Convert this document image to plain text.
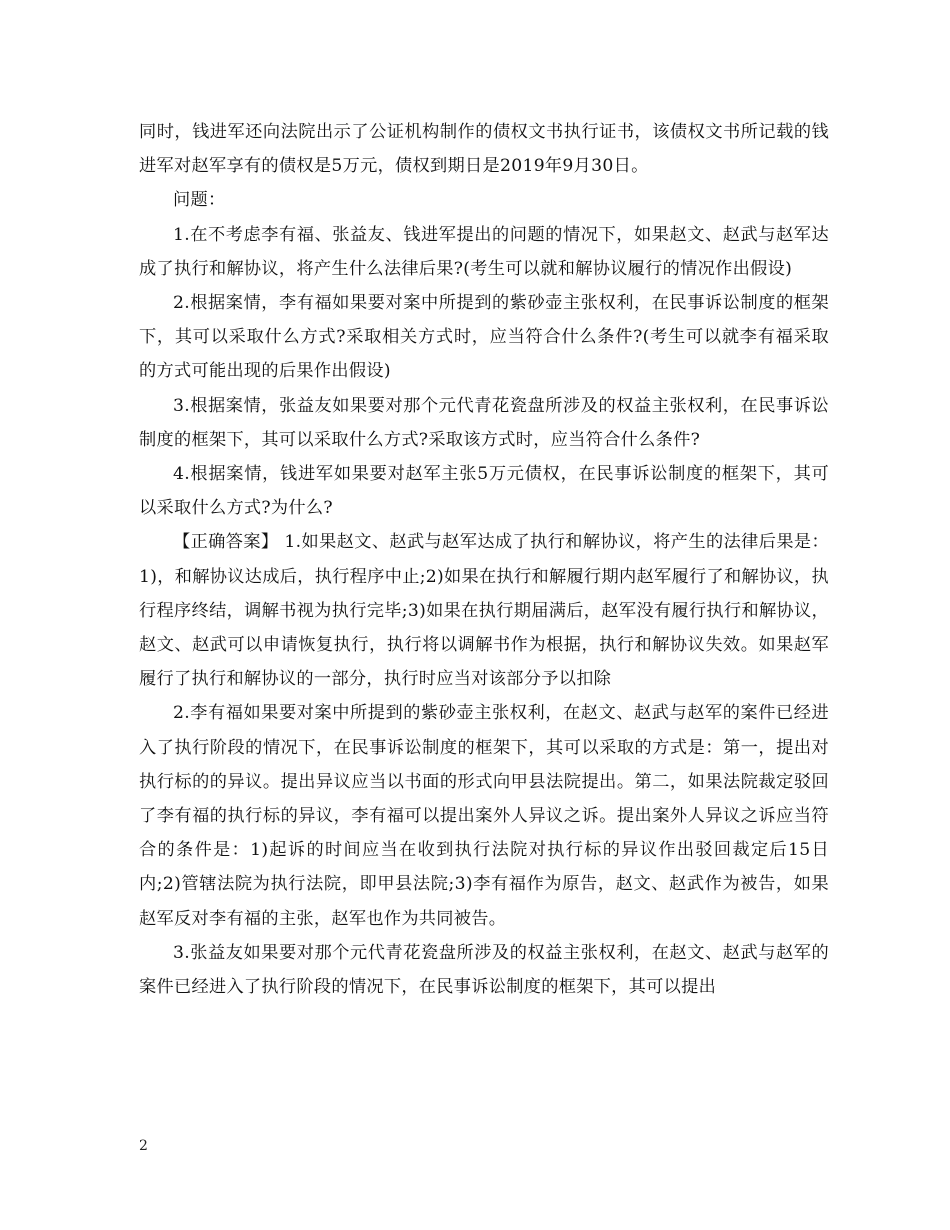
同时，钱进军还向法院出示了公证机构制作的债权文书执行证书，该债权文书所记载的钱进军对赵军享有的债权是5万元，债权到期日是2019年9月30日。

问题：

1.在不考虑李有福、张益友、钱进军提出的问题的情况下，如果赵文、赵武与赵军达成了执行和解协议，将产生什么法律后果?(考生可以就和解协议履行的情况作出假设)

2.根据案情，李有福如果要对案中所提到的紫砂壶主张权利，在民事诉讼制度的框架下，其可以采取什么方式?采取相关方式时，应当符合什么条件?(考生可以就李有福采取的方式可能出现的后果作出假设)

3.根据案情，张益友如果要对那个元代青花瓷盘所涉及的权益主张权利，在民事诉讼制度的框架下，其可以采取什么方式?采取该方式时，应当符合什么条件?

4.根据案情，钱进军如果要对赵军主张5万元债权，在民事诉讼制度的框架下，其可以采取什么方式?为什么?

【正确答案】 1.如果赵文、赵武与赵军达成了执行和解协议，将产生的法律后果是：1)，和解协议达成后，执行程序中止;2)如果在执行和解履行期内赵军履行了和解协议，执行程序终结，调解书视为执行完毕;3)如果在执行期届满后，赵军没有履行执行和解协议，赵文、赵武可以申请恢复执行，执行将以调解书作为根据，执行和解协议失效。如果赵军履行了执行和解协议的一部分，执行时应当对该部分予以扣除

2.李有福如果要对案中所提到的紫砂壶主张权利，在赵文、赵武与赵军的案件已经进入了执行阶段的情况下，在民事诉讼制度的框架下，其可以采取的方式是：第一，提出对执行标的的异议。提出异议应当以书面的形式向甲县法院提出。第二，如果法院裁定驳回了李有福的执行标的异议，李有福可以提出案外人异议之诉。提出案外人异议之诉应当符合的条件是：1)起诉的时间应当在收到执行法院对执行标的异议作出驳回裁定后15日内;2)管辖法院为执行法院，即甲县法院;3)李有福作为原告，赵文、赵武作为被告，如果赵军反对李有福的主张，赵军也作为共同被告。

3.张益友如果要对那个元代青花瓷盘所涉及的权益主张权利，在赵文、赵武与赵军的案件已经进入了执行阶段的情况下，在民事诉讼制度的框架下，其可以提出

2
